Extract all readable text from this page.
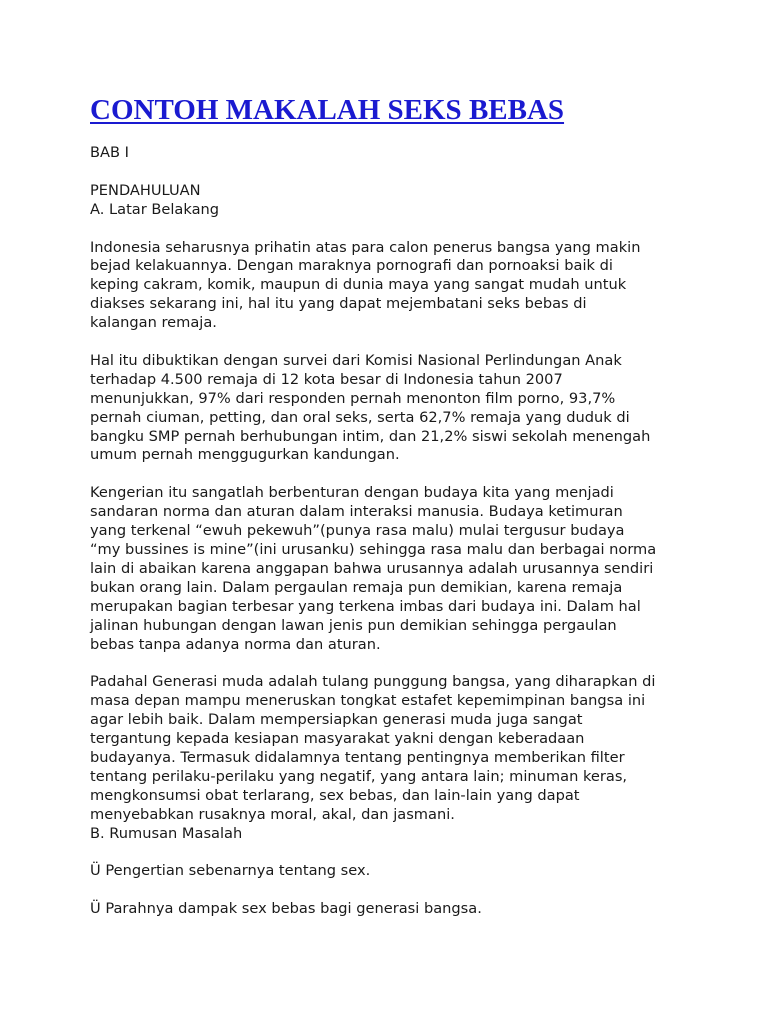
CONTOH MAKALAH SEKS BEBAS

BAB I

PENDAHULUAN

A. Latar Belakang

Indonesia seharusnya prihatin atas para calon penerus bangsa yang makin

bejad kelakuannya. Dengan maraknya pornografi dan pornoaksi baik di

keping cakram, komik, maupun di dunia maya yang sangat mudah untuk

diakses sekarang ini, hal itu yang dapat mejembatani seks bebas di

kalangan remaja.

Hal itu dibuktikan dengan survei dari Komisi Nasional Perlindungan Anak

terhadap 4.500 remaja di 12 kota besar di Indonesia tahun 2007

menunjukkan, 97% dari responden pernah menonton film porno, 93,7%

pernah ciuman, petting, dan oral seks, serta 62,7% remaja yang duduk di

bangku SMP pernah berhubungan intim, dan 21,2% siswi sekolah menengah

umum pernah menggugurkan kandungan.

Kengerian itu sangatlah berbenturan dengan budaya kita yang menjadi

sandaran norma dan aturan dalam interaksi manusia. Budaya ketimuran

yang terkenal “ewuh pekewuh”(punya rasa malu) mulai tergusur budaya

“my bussines is mine”(ini urusanku) sehingga rasa malu dan berbagai norma

lain di abaikan karena anggapan bahwa urusannya adalah urusannya sendiri

bukan orang lain. Dalam pergaulan remaja pun demikian, karena remaja

merupakan bagian terbesar yang terkena imbas dari budaya ini. Dalam hal

jalinan hubungan dengan lawan jenis pun demikian sehingga pergaulan

bebas tanpa adanya norma dan aturan.

Padahal Generasi muda adalah tulang punggung bangsa, yang diharapkan di

masa depan mampu meneruskan tongkat estafet kepemimpinan bangsa ini

agar lebih baik. Dalam mempersiapkan generasi muda juga sangat

tergantung kepada kesiapan masyarakat yakni dengan keberadaan

budayanya. Termasuk didalamnya tentang pentingnya memberikan filter

tentang perilaku-perilaku yang negatif, yang antara lain; minuman keras,

mengkonsumsi obat terlarang, sex bebas, dan lain-lain yang dapat

menyebabkan rusaknya moral, akal, dan jasmani.

B. Rumusan Masalah

Ü Pengertian sebenarnya tentang sex.

Ü Parahnya dampak sex bebas bagi generasi bangsa.
